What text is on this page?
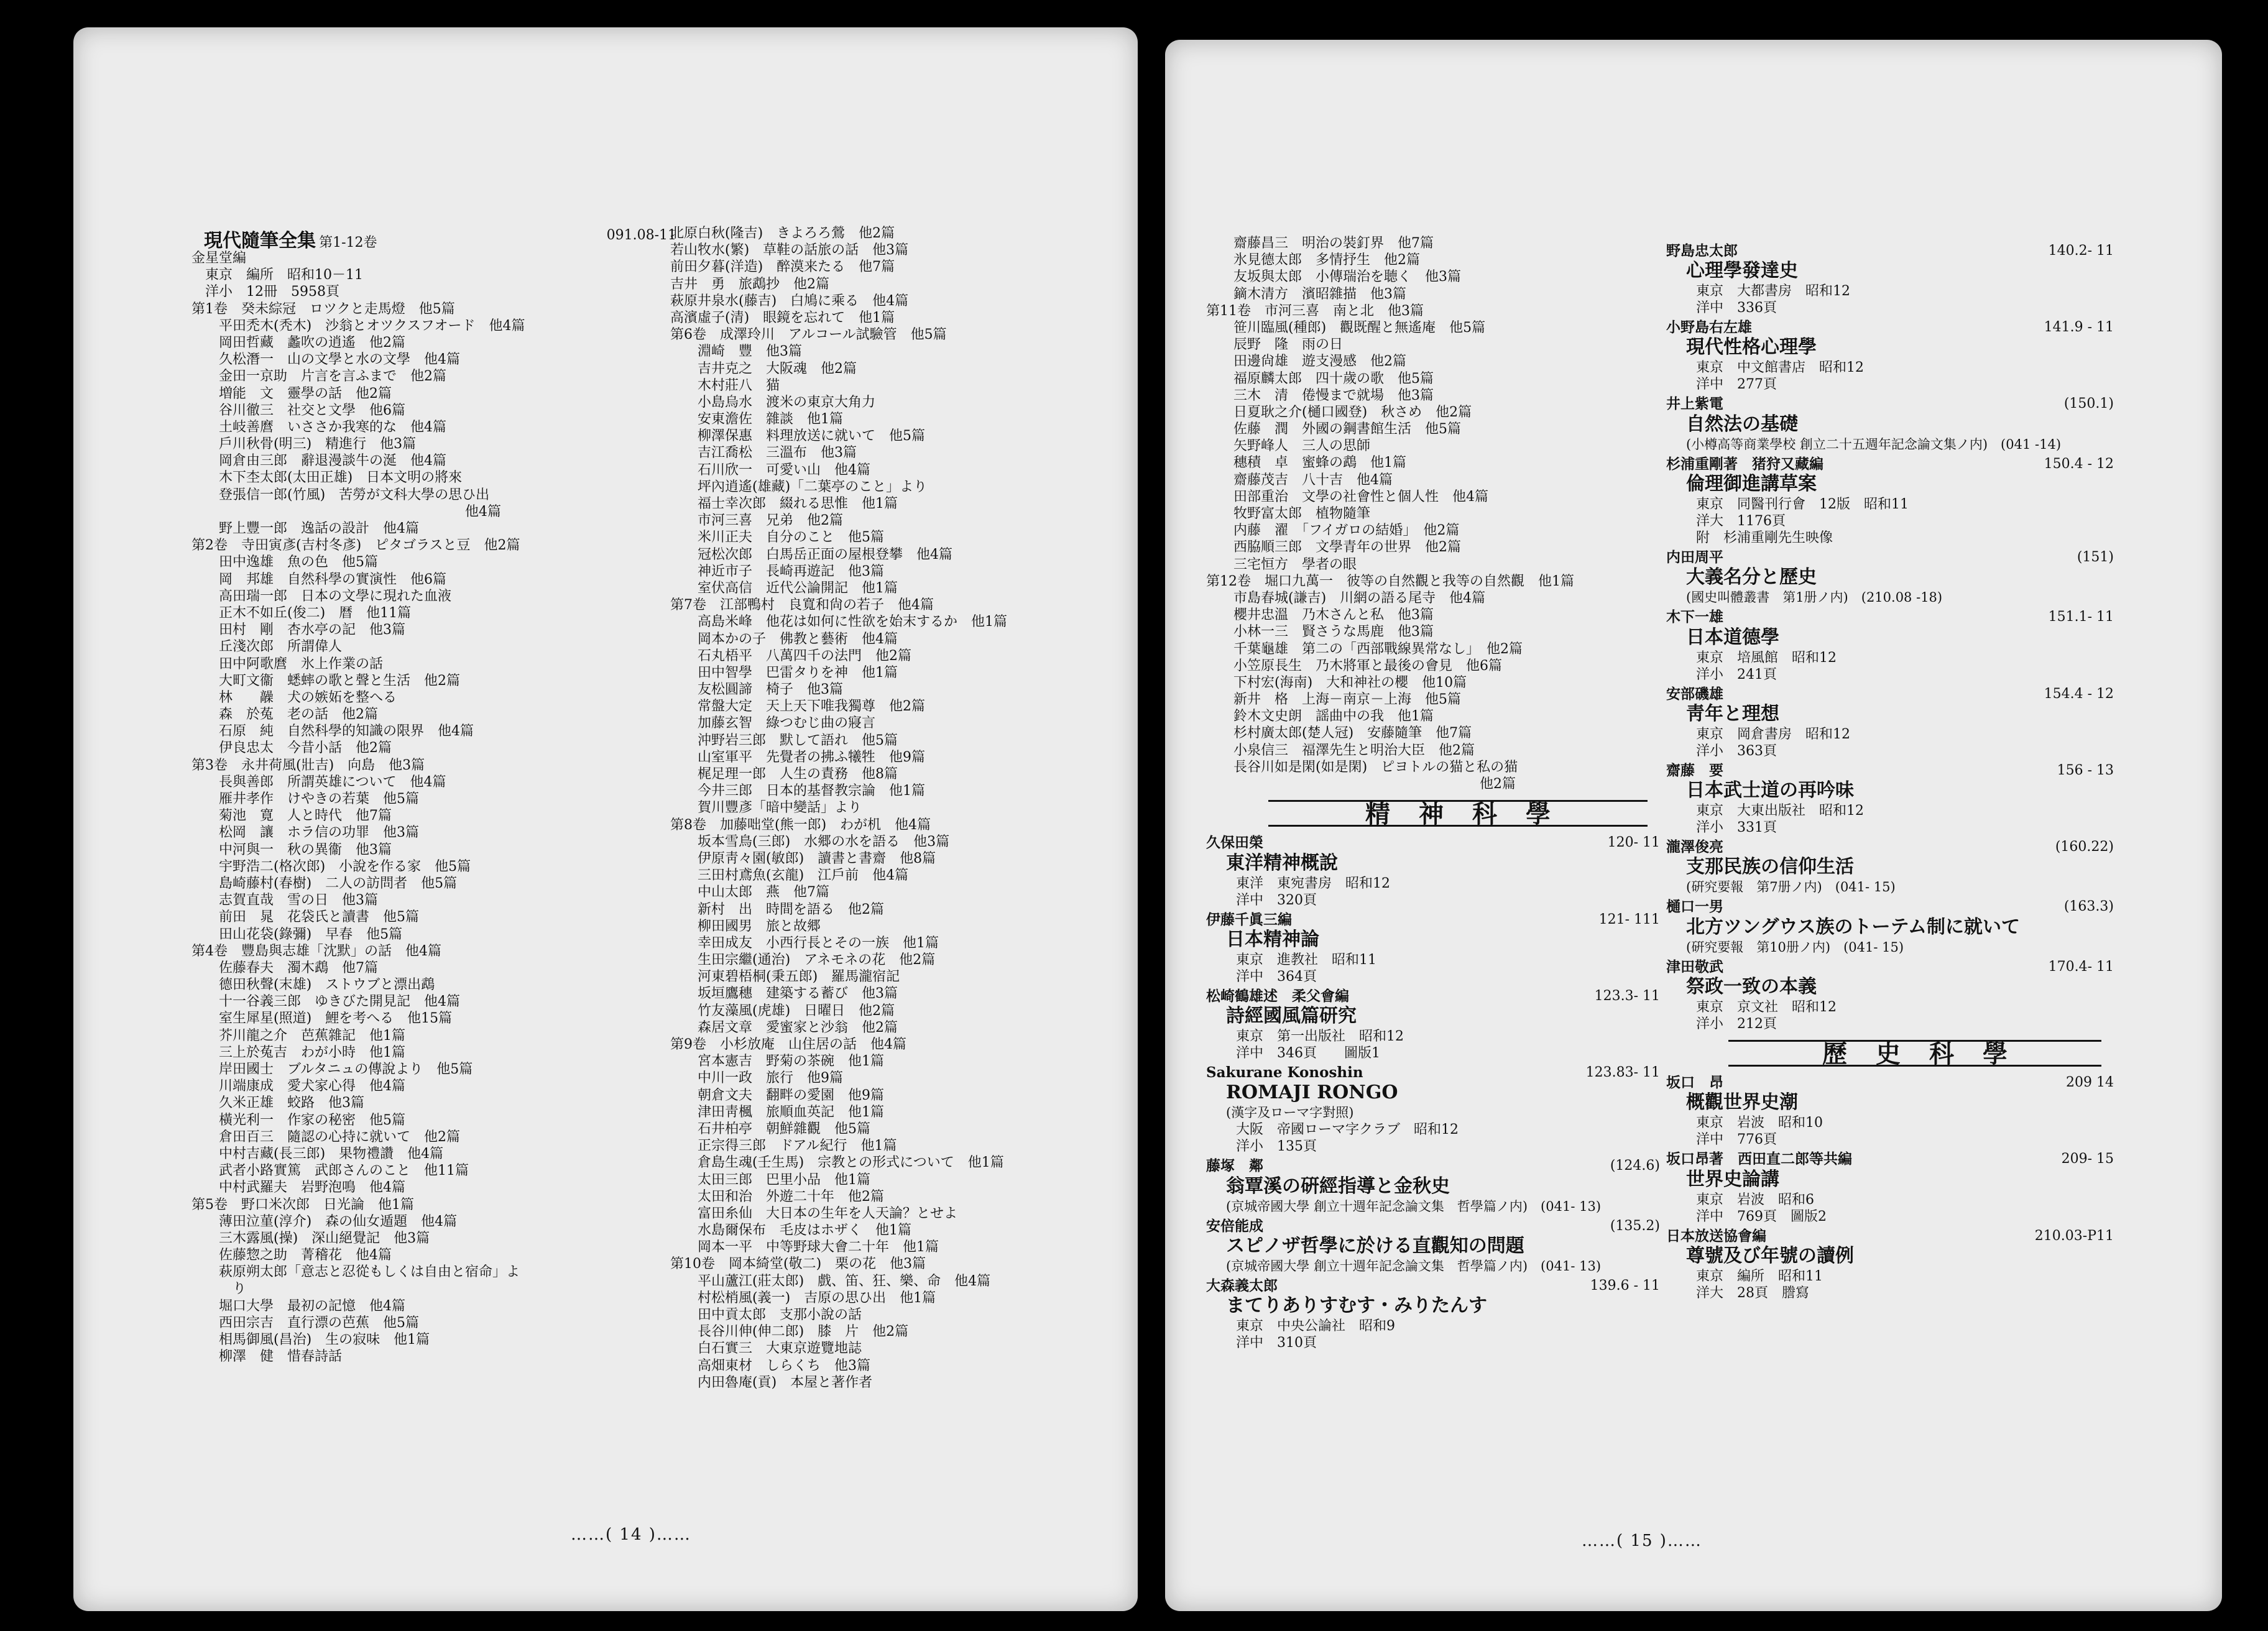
現代隨筆全集 第1-12卷	091.08-11
金星堂編
　東京　編所　昭和10－11
　洋小　12冊　5958頁
第1卷　癸未綜冠　ロツクと走馬燈　他5篇
　　平田禿木(秃木)　沙翁とオツクスフオード　他4篇
　　岡田哲藏　蠡吹の逍遙　他2篇
　　久松潛一　山の文學と水の文學　他4篇
　　金田一京助　片言を言ふまで　他2篇
　　増能　文　靈學の話　他2篇
　　谷川徹三　社交と文學　他6篇
　　土岐善麿　いささか我寒的な　他4篇
　　戶川秋骨(明三)　精進行　他3篇
　　岡倉由三郎　辭退漫談牛の涎　他4篇
　　木下杢太郎(太田正雄)　日本文明の將來
　　登張信一郎(竹風)　苦勞が文科大學の思ひ出
　　　　　　　　　　　　　　　　　　　　他4篇
　　野上豐一郎　逸話の設計　他4篇
第2卷　寺田寅彥(吉村冬彥)　ピタゴラスと豆　他2篇
　　田中逸雄　魚の色　他5篇
　　岡　邦雄　自然科學の實演性　他6篇
　　高田瑞一郎　日本の文學に現れた血液
　　正木不如丘(俊二)　暦　他11篇
　　田村　剛　杏水亭の記　他3篇
　　丘淺次郎　所謂偉人
　　田中阿歌麿　氷上作業の話
　　大町文衞　蟋蟀の歌と聲と生活　他2篇
　　林　　髞　犬の嫉妬を整へる
　　森　於菟　老の話　他2篇
　　石原　純　自然科學的知識の限界　他4篇
　　伊良忠太　今昔小話　他2篇
第3卷　永井荷風(壯吉)　向島　他3篇
　　長與善郎　所謂英雄について　他4篇
　　雁井孝作　けやきの若葉　他5篇
　　菊池　寛　人と時代　他7篇
　　松岡　讓　ホラ信の功罪　他3篇
　　中河與一　秋の異衞　他3篇
　　宇野浩二(格次郎)　小說を作る家　他5篇
　　島崎藤村(春樹)　二人の訪問者　他5篇
　　志賀直哉　雪の日　他3篇
　　前田　晁　花袋氏と讀書　他5篇
　　田山花袋(錄彌)　早春　他5篇
第4卷　豐島與志雄「沈默」の話　他4篇
　　佐藤春夫　濁木鵡　他7篇
　　德田秋聲(末雄)　ストウブと漂出鵡
　　十一谷義三郎　ゆきびた開見記　他4篇
　　室生犀星(照道)　鯉を考へる　他15篇
　　芥川龍之介　芭蕉雜記　他1篇
　　三上於菟吉　わが小時　他1篇
　　岸田國士　ブルタニュの傳說より　他5篇
　　川端康成　愛犬家心得　他4篇
　　久米正雄　蛟路　他3篇
　　橫光利一　作家の秘密　他5篇
　　倉田百三　隨認の心持に就いて　他2篇
　　中村吉藏(長三郎)　果物禮讚　他4篇
　　武者小路實篤　武郎さんのこと　他11篇
　　中村武羅夫　岩野泡鳴　他4篇
第5卷　野口米次郎　日光論　他1篇
　　薄田泣菫(淳介)　森の仙女遁題　他4篇
　　三木露風(操)　深山絕覺記　他3篇
　　佐藤惣之助　菁稽花　他4篇
　　萩原朔太郎「意志と忍從もしくは自由と宿命」よ
　　　り
　　堀口大學　最初の記憶　他4篇
　　西田宗吉　直行漂の芭蕉　他5篇
　　相馬御風(昌治)　生の寂味　他1篇
　　柳澤　健　惜春詩話
北原白秋(隆吉)　きよろろ鶯　他2篇
若山牧水(繁)　草鞋の話旅の話　他3篇
前田夕暮(洋造)　醉漠来たる　他7篇
吉井　勇　旅鵡抄　他2篇
萩原井泉水(藤吉)　白鳩に乘る　他4篇
高濱虛子(清)　眼鏡を忘れて　他1篇
第6卷　成澤玲川　アルコール試驗管　他5篇
　　淵崎　豐　他3篇
　　吉井克之　大阪魂　他2篇
　　木村莊八　猫
　　小島烏水　渡米の東京大角力
　　安東澹佐　雜談　他1篇
　　柳澤保惠　料理放送に就いて　他5篇
　　吉江喬松　三溫布　他3篇
　　石川欣一　可愛い山　他4篇
　　坪內逍遙(雄藏)「二葉亭のこと」より
　　福士幸次郎　綴れる思惟　他1篇
　　市河三喜　兄弟　他2篇
　　米川正夫　自分のこと　他5篇
　　冠松次郎　白馬岳正面の屋根登攀　他4篇
　　神近市子　長崎再遊記　他3篇
　　室伏高信　近代公論開記　他1篇
第7卷　江部鴨村　良寬和尙の若子　他4篇
　　高島米峰　他花は如何に性欲を始末するか　他1篇
　　岡本かの子　佛教と藝術　他4篇
　　石丸梧平　八萬四千の法門　他2篇
　　田中智學　巴雷タりを神　他1篇
　　友松圓諦　椅子　他3篇
　　常盤大定　天上天下唯我獨尊　他2篇
　　加藤玄智　綠つむじ曲の寢言
　　沖野岩三郎　默して語れ　他5篇
　　山室軍平　先覺者の拂ふ犧牲　他9篇
　　梶足理一郎　人生の責務　他8篇
　　今井三郎　日本的基督教宗論　他1篇
　　賀川豐彥「暗中變話」より
第8卷　加藤咄堂(熊一郎)　わが机　他4篇
　　坂本雪鳥(三郎)　水郷の水を語る　他3篇
　　伊原靑々園(敏郎)　讀書と書齋　他8篇
　　三田村鳶魚(玄龍)　江戶前　他4篇
　　中山太郎　燕　他7篇
　　新村　出　時間を語る　他2篇
　　柳田國男　旅と故郷
　　幸田成友　小西行長とその一族　他1篇
　　生田宗繼(通治)　アネモネの花　他2篇
　　河東碧梧桐(秉五郎)　羅馬瀧宿記
　　坂垣鷹穗　建築する蓄び　他3篇
　　竹友藻風(虎雄)　日曜日　他2篇
　　森居文章　愛蜜家と沙翁　他2篇
第9卷　小杉放庵　山住居の話　他4篇
　　宮本憲吉　野菊の茶碗　他1篇
　　中川一政　旅行　他9篇
　　朝倉文夫　翻畔の愛園　他9篇
　　津田靑楓　旅順血英記　他1篇
　　石井柏亭　朝鮮雜觀　他5篇
　　正宗得三郎　ドアル紀行　他1篇
　　倉島生魂(壬生馬)　宗教との形式について　他1篇
　　太田三郎　巴里小品　他1篇
　　太田和治　外遊二十年　他2篇
　　富田糸仙　大日本の生年を人天論？とせよ
　　水島爾保布　毛皮はホザく　他1篇
　　岡本一平　中等野球大會二十年　他1篇
第10卷　岡本綺堂(敬二)　栗の花　他3篇
　　平山蘆江(莊太郎)　戲、笛、狂、樂、命　他4篇
　　村松梢風(義一)　吉原の思ひ出　他1篇
　　田中貢太郎　支那小說の話
　　長谷川伸(伸二郎)　膝　片　他2篇
　　白石實三　大東京遊覽地誌
　　高畑東材　しらくち　他3篇
　　内田魯庵(貢)　本屋と著作者
……( 14 )……
　　齋藤昌三　明治の裝釘界　他7篇
　　氷見德太郎　多情抒生　他2篇
　　友坂與太郎　小傳瑞治を聴く　他3篇
　　鏑木清方　濱昭雜描　他3篇
第11卷　市河三喜　南と北　他3篇
　　笹川臨風(種郎)　觀既醒と無遙庵　他5篇
　　辰野　隆　雨の日
　　田邊尙雄　遊支漫感　他2篇
　　福原麟太郎　四十歲の歌　他5篇
　　三木　清　倦慢まで就場　他3篇
　　日夏耿之介(樋口國登)　秋さめ　他2篇
　　佐藤　潤　外國の鋼書館生活　他5篇
　　矢野峰人　三人の思師
　　穗積　卓　蜜蜂の鵡　他1篇
　　齋藤茂吉　八十吉　他4篇
　　田部重治　文學の社會性と個人性　他4篇
　　牧野富太郎　植物隨筆
　　内藤　濯　「フイガロの結婚」　他2篇
　　西脇順三郎　文學青年の世界　他2篇
　　三宅恒方　學者の眼
第12卷　堀口九萬一　彼等の自然觀と我等の自然觀　他1篇
　　市島春城(謙吉)　川網の語る尾寺　他4篇
　　櫻井忠溫　乃木さんと私　他3篇
　　小林一三　賢さうな馬鹿　他3篇
　　千葉龜雄　第二の「西部戰線異常なし」　他2篇
　　小笠原長生　乃木將軍と最後の會見　他6篇
　　下村宏(海南)　大和神社の櫻　他10篇
　　新井　格　上海－南京－上海　他5篇
　　鈴木文史朗　謡曲中の我　他1篇
　　杉村廣太郎(楚人冠)　安藤隨筆　他7篇
　　小泉信三　福澤先生と明治大臣　他2篇
　　長谷川如是閑(如是閑)　ピヨトルの猫と私の猫
　　　　　　　　　　　　　　　　　　　　他2篇
精神科學
久保田榮	120- 11
東洋精神概說
東洋　東宛書房　昭和12
洋中　320頁
伊藤千眞三編	121- 111
日本精神論
東京　進教社　昭和11
洋中　364頁
松崎鶴雄述　柔父會編	123.3- 11
詩經國風篇研究
東京　第一出版社　昭和12
洋中　346頁　　圖版1
Sakurane Konoshin	123.83- 11
ROMAJI RONGO
(漢字及ローマ字對照)
大阪　帝國ローマ字クラブ　昭和12
洋小　135頁
藤塚　鄰	(124.6)
翁覃溪の硏經指導と金秋史
(京城帝國大學 創立十週年記念論文集　哲學篇ノ内)　(041- 13)
安倍能成	(135.2)
スピノザ哲學に於ける直觀知の問題
(京城帝國大學 創立十週年記念論文集　哲學篇ノ内)　(041- 13)
大森義太郎	139.6 - 11
まてりありすむす・みりたんす
東京　中央公論社　昭和9
洋中　310頁
野島忠太郎	140.2- 11
心理學發達史
東京　大都書房　昭和12
洋中　336頁
小野島右左雄	141.9 - 11
現代性格心理學
東京　中文館書店　昭和12
洋中　277頁
井上紫電	(150.1)
自然法の基礎
(小樽高等商業學校 創立二十五週年記念論文集ノ内)　(041 -14)
杉浦重剛著　猪狩又藏編	150.4 - 12
倫理御進講草案
東京　同醫刊行會　12版　昭和11
洋大　1176頁
附　杉浦重剛先生映像
内田周平	(151)
大義名分と歷史
(國史叫體叢書　第1册ノ内)　(210.08 -18)
木下一雄	151.1- 11
日本道德學
東京　培風館　昭和12
洋小　241頁
安部磯雄	154.4 - 12
靑年と理想
東京　岡倉書房　昭和12
洋小　363頁
齋藤　要	156 - 13
日本武士道の再吟味
東京　大東出版社　昭和12
洋小　331頁
瀧澤俊亮	(160.22)
支那民族の信仰生活
(硏究要報　第7册ノ内)　(041- 15)
樋口一男	(163.3)
北方ツングウス族のトーテム制に就いて
(硏究要報　第10册ノ内)　(041- 15)
津田敬武	170.4- 11
祭政一致の本義
東京　京文社　昭和12
洋小　212頁
歷史科學
坂口　昂	209 14
概觀世界史潮
東京　岩波　昭和10
洋中　776頁
坂口昂著　西田直二郎等共編	209- 15
世界史論講
東京　岩波　昭和6
洋中　769頁　圖版2
日本放送協會編	210.03-P11
尊號及び年號の讀例
東京　編所　昭和11
洋大　28頁　謄寫
……( 15 )……
